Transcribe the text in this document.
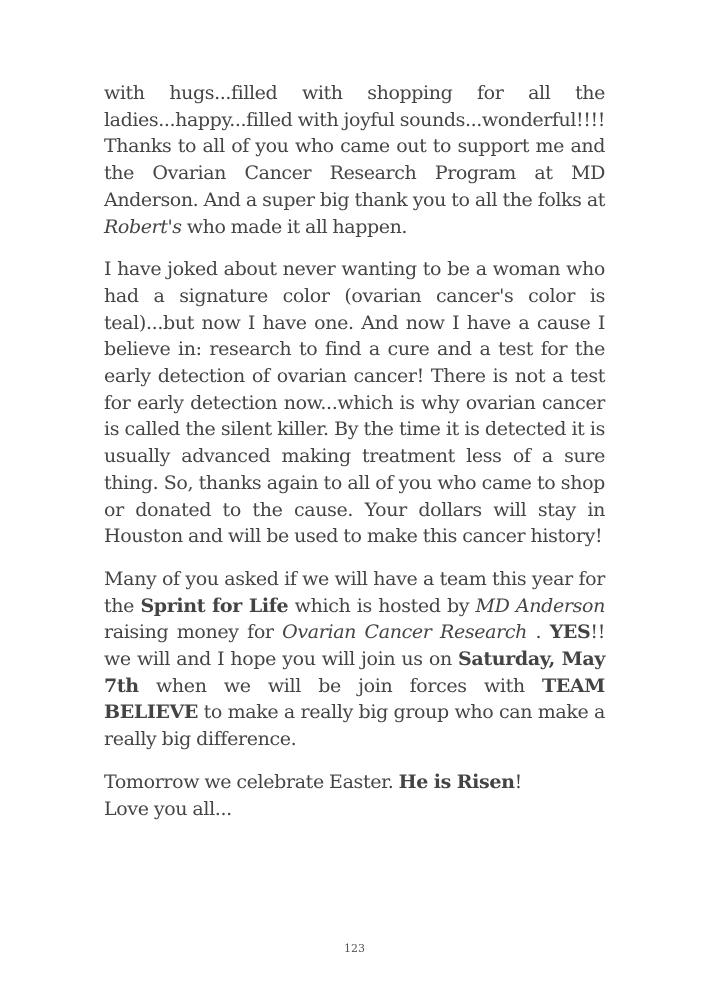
with hugs...filled with shopping for all the ladies...happy...filled with joyful sounds...wonderful!!!! Thanks to all of you who came out to support me and the Ovarian Cancer Research Program at MD Anderson. And a super big thank you to all the folks at Robert's who made it all happen.

I have joked about never wanting to be a woman who had a signature color (ovarian cancer's color is teal)...but now I have one. And now I have a cause I believe in: research to find a cure and a test for the early detection of ovarian cancer! There is not a test for early detection now...which is why ovarian cancer is called the silent killer. By the time it is detected it is usually advanced making treatment less of a sure thing. So, thanks again to all of you who came to shop or donated to the cause. Your dollars will stay in Houston and will be used to make this cancer history!

Many of you asked if we will have a team this year for the Sprint for Life which is hosted by MD Anderson raising money for Ovarian Cancer Research . YES!! we will and I hope you will join us on Saturday, May 7th when we will be join forces with TEAM BELIEVE to make a really big group who can make a really big difference.

Tomorrow we celebrate Easter. He is Risen!
Love you all...

123
